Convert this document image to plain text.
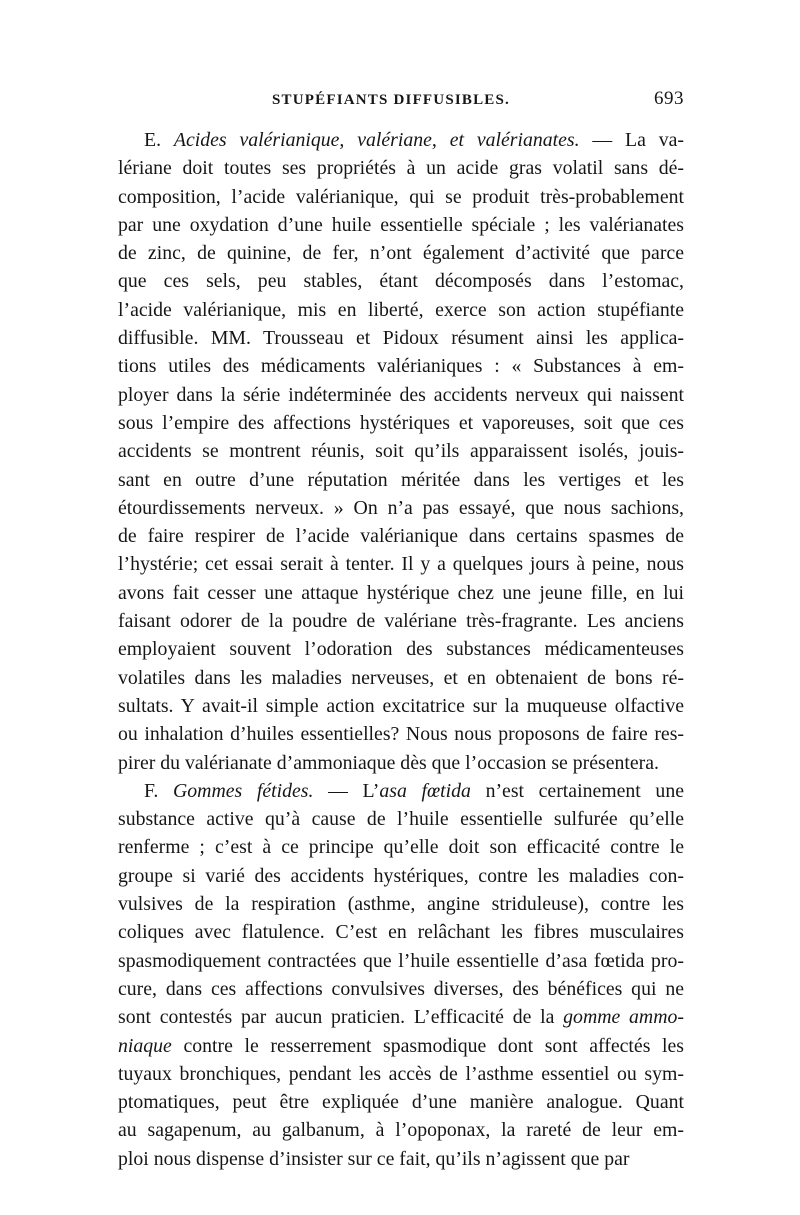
STUPÉFIANTS DIFFUSIBLES.	693
E. Acides valérianique, valériane, et valérianates. — La va-
lériane doit toutes ses propriétés à un acide gras volatil sans dé-
composition, l’acide valérianique, qui se produit très-probablement
par une oxydation d’une huile essentielle spéciale ; les valérianates
de zinc, de quinine, de fer, n’ont également d’activité que parce
que ces sels, peu stables, étant décomposés dans l’estomac,
l’acide valérianique, mis en liberté, exerce son action stupéfiante
diffusible. MM. Trousseau et Pidoux résument ainsi les applica-
tions utiles des médicaments valérianiques : « Substances à em-
ployer dans la série indéterminée des accidents nerveux qui naissent
sous l’empire des affections hystériques et vaporeuses, soit que ces
accidents se montrent réunis, soit qu’ils apparaissent isolés, jouis-
sant en outre d’une réputation méritée dans les vertiges et les
étourdissements nerveux. » On n’a pas essayé, que nous sachions,
de faire respirer de l’acide valérianique dans certains spasmes de
l’hystérie; cet essai serait à tenter. Il y a quelques jours à peine, nous
avons fait cesser une attaque hystérique chez une jeune fille, en lui
faisant odorer de la poudre de valériane très-fragrante. Les anciens
employaient souvent l’odoration des substances médicamenteuses
volatiles dans les maladies nerveuses, et en obtenaient de bons ré-
sultats. Y avait-il simple action excitatrice sur la muqueuse olfactive
ou inhalation d’huiles essentielles? Nous nous proposons de faire res-
pirer du valérianate d’ammoniaque dès que l’occasion se présentera.
F. Gommes fétides. — L’asa fœtida n’est certainement une
substance active qu’à cause de l’huile essentielle sulfurée qu’elle
renferme ; c’est à ce principe qu’elle doit son efficacité contre le
groupe si varié des accidents hystériques, contre les maladies con-
vulsives de la respiration (asthme, angine striduleuse), contre les
coliques avec flatulence. C’est en relâchant les fibres musculaires
spasmodiquement contractées que l’huile essentielle d’asa fœtida pro-
cure, dans ces affections convulsives diverses, des bénéfices qui ne
sont contestés par aucun praticien. L’efficacité de la gomme ammo-
niaque contre le resserrement spasmodique dont sont affectés les
tuyaux bronchiques, pendant les accès de l’asthme essentiel ou sym-
ptomatiques, peut être expliquée d’une manière analogue. Quant
au sagapenum, au galbanum, à l’opoponax, la rareté de leur em-
ploi nous dispense d’insister sur ce fait, qu’ils n’agissent que par
